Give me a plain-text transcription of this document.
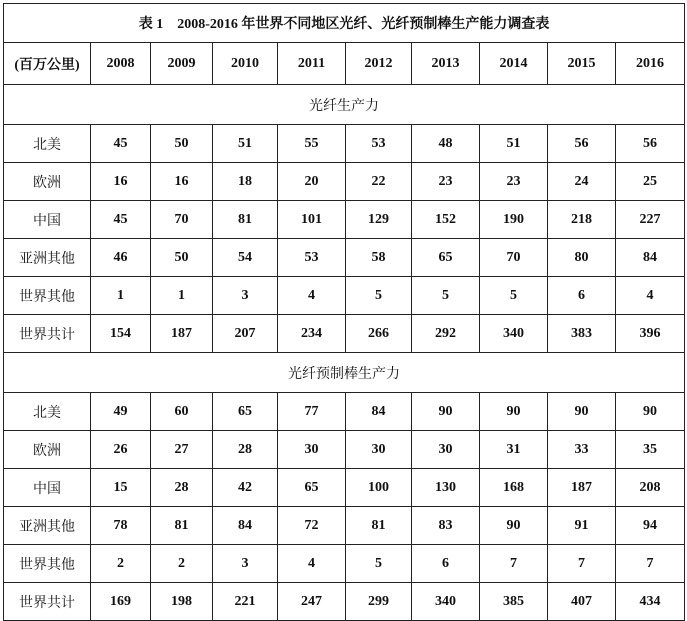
表 1　2008-2016 年世界不同地区光纤、光纤预制棒生产能力调查表									
(百万公里)	2008	2009	2010	2011	2012	2013	2014	2015	2016
光纤生产力									
北美	45	50	51	55	53	48	51	56	56
欧洲	16	16	18	20	22	23	23	24	25
中国	45	70	81	101	129	152	190	218	227
亚洲其他	46	50	54	53	58	65	70	80	84
世界其他	1	1	3	4	5	5	5	6	4
世界共计	154	187	207	234	266	292	340	383	396
光纤预制棒生产力									
北美	49	60	65	77	84	90	90	90	90
欧洲	26	27	28	30	30	30	31	33	35
中国	15	28	42	65	100	130	168	187	208
亚洲其他	78	81	84	72	81	83	90	91	94
世界其他	2	2	3	4	5	6	7	7	7
世界共计	169	198	221	247	299	340	385	407	434
